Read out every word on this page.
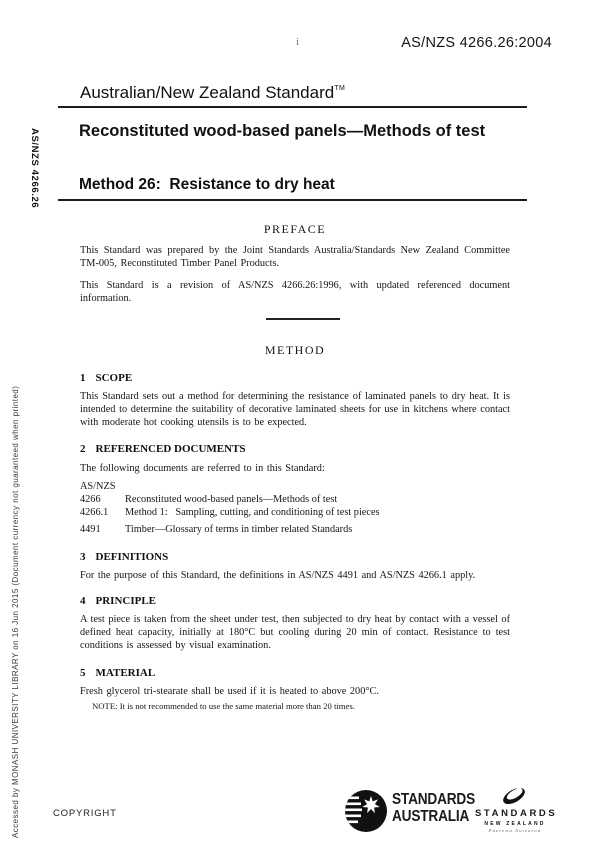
AS/NZS 4266.26
Accessed by MONASH UNIVERSITY LIBRARY on 16 Jun 2015 (Document currency not guaranteed when printed)
i	AS/NZS 4266.26:2004
Australian/New Zealand Standard™
Reconstituted wood-based panels—Methods of test
Method 26:  Resistance to dry heat
PREFACE

This Standard was prepared by the Joint Standards Australia/Standards New Zealand Committee TM-005, Reconstituted Timber Panel Products.

This Standard is a revision of AS/NZS 4266.26:1996, with updated referenced document information.

METHOD
1 SCOPE

This Standard sets out a method for determining the resistance of laminated panels to dry heat. It is intended to determine the suitability of decorative laminated sheets for use in kitchens where contact with moderate hot cooking utensils is to be expected.

2 REFERENCED DOCUMENTS

The following documents are referred to in this Standard:

AS/NZS

4266	Reconstituted wood-based panels—Methods of test
4266.1	Method 1:   Sampling, cutting, and conditioning of test pieces
4491	Timber—Glossary of terms in timber related Standards
3 DEFINITIONS

For the purpose of this Standard, the definitions in AS/NZS 4491 and AS/NZS 4266.1 apply.

4 PRINCIPLE

A test piece is taken from the sheet under test, then subjected to dry heat by contact with a vessel of defined heat capacity, initially at 180°C but cooling during 20 min of contact. Resistance to test conditions is assessed by visual examination.

5 MATERIAL

Fresh glycerol tri-stearate shall be used if it is heated to above 200°C.

NOTE: It is not recommended to use the same material more than 20 times.

COPYRIGHT
STANDARDS
AUSTRALIA STANDARDS
NEW ZEALAND
Paerewa Aotearoa
